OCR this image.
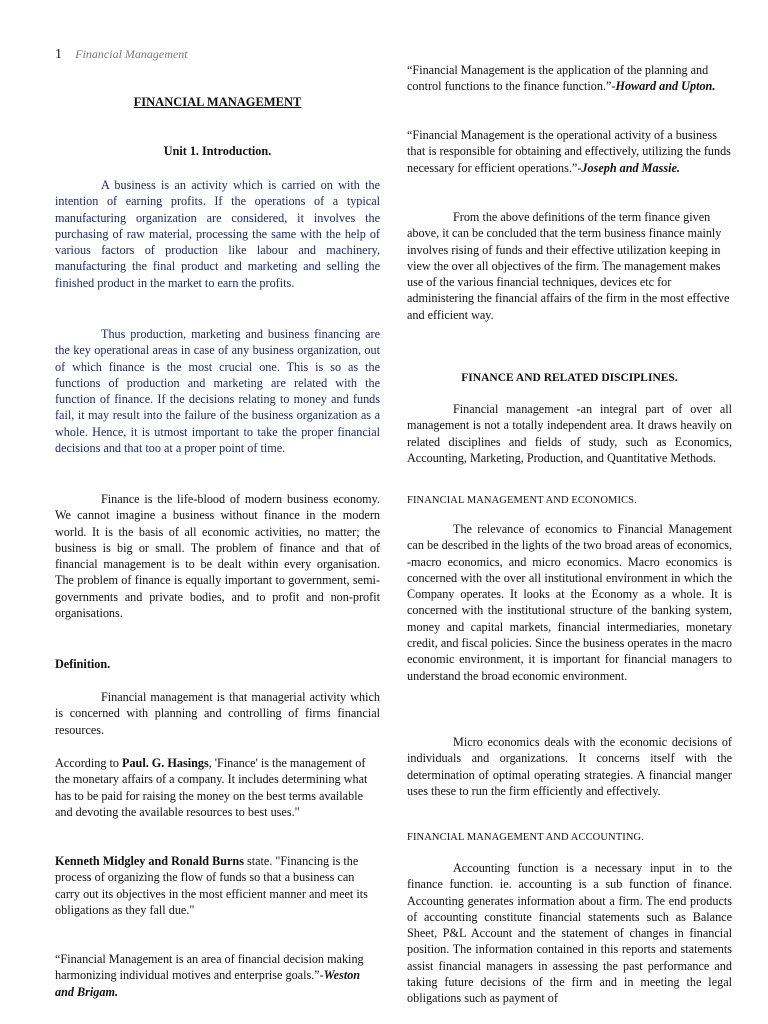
1 Financial Management

FINANCIAL MANAGEMENT

Unit 1. Introduction.

A business is an activity which is carried on with the intention of earning profits. If the operations of a typical manufacturing organization are considered, it involves the purchasing of raw material, processing the same with the help of various factors of production like labour and machinery, manufacturing the final product and marketing and selling the finished product in the market to earn the profits.

Thus production, marketing and business financing are the key operational areas in case of any business organization, out of which finance is the most crucial one. This is so as the functions of production and marketing are related with the function of finance. If the decisions relating to money and funds fail, it may result into the failure of the business organization as a whole. Hence, it is utmost important to take the proper financial decisions and that too at a proper point of time.

Finance is the life-blood of modern business economy. We cannot imagine a business without finance in the modern world. It is the basis of all economic activities, no matter; the business is big or small. The problem of finance and that of financial management is to be dealt within every organisation. The problem of finance is equally important to government, semi-governments and private bodies, and to profit and non-profit organisations.

Definition.

Financial management is that managerial activity which is concerned with planning and controlling of firms financial resources.

According to Paul. G. Hasings, 'Finance' is the management of the monetary affairs of a company. It includes determining what has to be paid for raising the money on the best terms available and devoting the available resources to best uses."

Kenneth Midgley and Ronald Burns state. "Financing is the process of organizing the flow of funds so that a business can carry out its objectives in the most efficient manner and meet its obligations as they fall due."

“Financial Management is an area of financial decision making harmonizing individual motives and enterprise goals.”-Weston and Brigam.

“Financial Management is the application of the planning and control functions to the finance function.”-Howard and Upton.

“Financial Management is the operational activity of a business that is responsible for obtaining and effectively, utilizing the funds necessary for efficient operations.”-Joseph and Massie.

From the above definitions of the term finance given above, it can be concluded that the term business finance mainly involves rising of funds and their effective utilization keeping in view the over all objectives of the firm. The management makes use of the various financial techniques, devices etc for administering the financial affairs of the firm in the most effective and efficient way.

FINANCE AND RELATED DISCIPLINES.

Financial management -an integral part of over all management is not a totally independent area. It draws heavily on related disciplines and fields of study, such as Economics, Accounting, Marketing, Production, and Quantitative Methods.

FINANCIAL MANAGEMENT AND ECONOMICS.

The relevance of economics to Financial Management can be described in the lights of the two broad areas of economics, -macro economics, and micro economics. Macro economics is concerned with the over all institutional environment in which the Company operates. It looks at the Economy as a whole. It is concerned with the institutional structure of the banking system, money and capital markets, financial intermediaries, monetary credit, and fiscal policies. Since the business operates in the macro economic environment, it is important for financial managers to understand the broad economic environment.

Micro economics deals with the economic decisions of individuals and organizations. It concerns itself with the determination of optimal operating strategies. A financial manger uses these to run the firm efficiently and effectively.

FINANCIAL MANAGEMENT AND ACCOUNTING.

Accounting function is a necessary input in to the finance function. ie. accounting is a sub function of finance. Accounting generates information about a firm. The end products of accounting constitute financial statements such as Balance Sheet, P&L Account and the statement of changes in financial position. The information contained in this reports and statements assist financial managers in assessing the past performance and taking future decisions of the firm and in meeting the legal obligations such as payment of
